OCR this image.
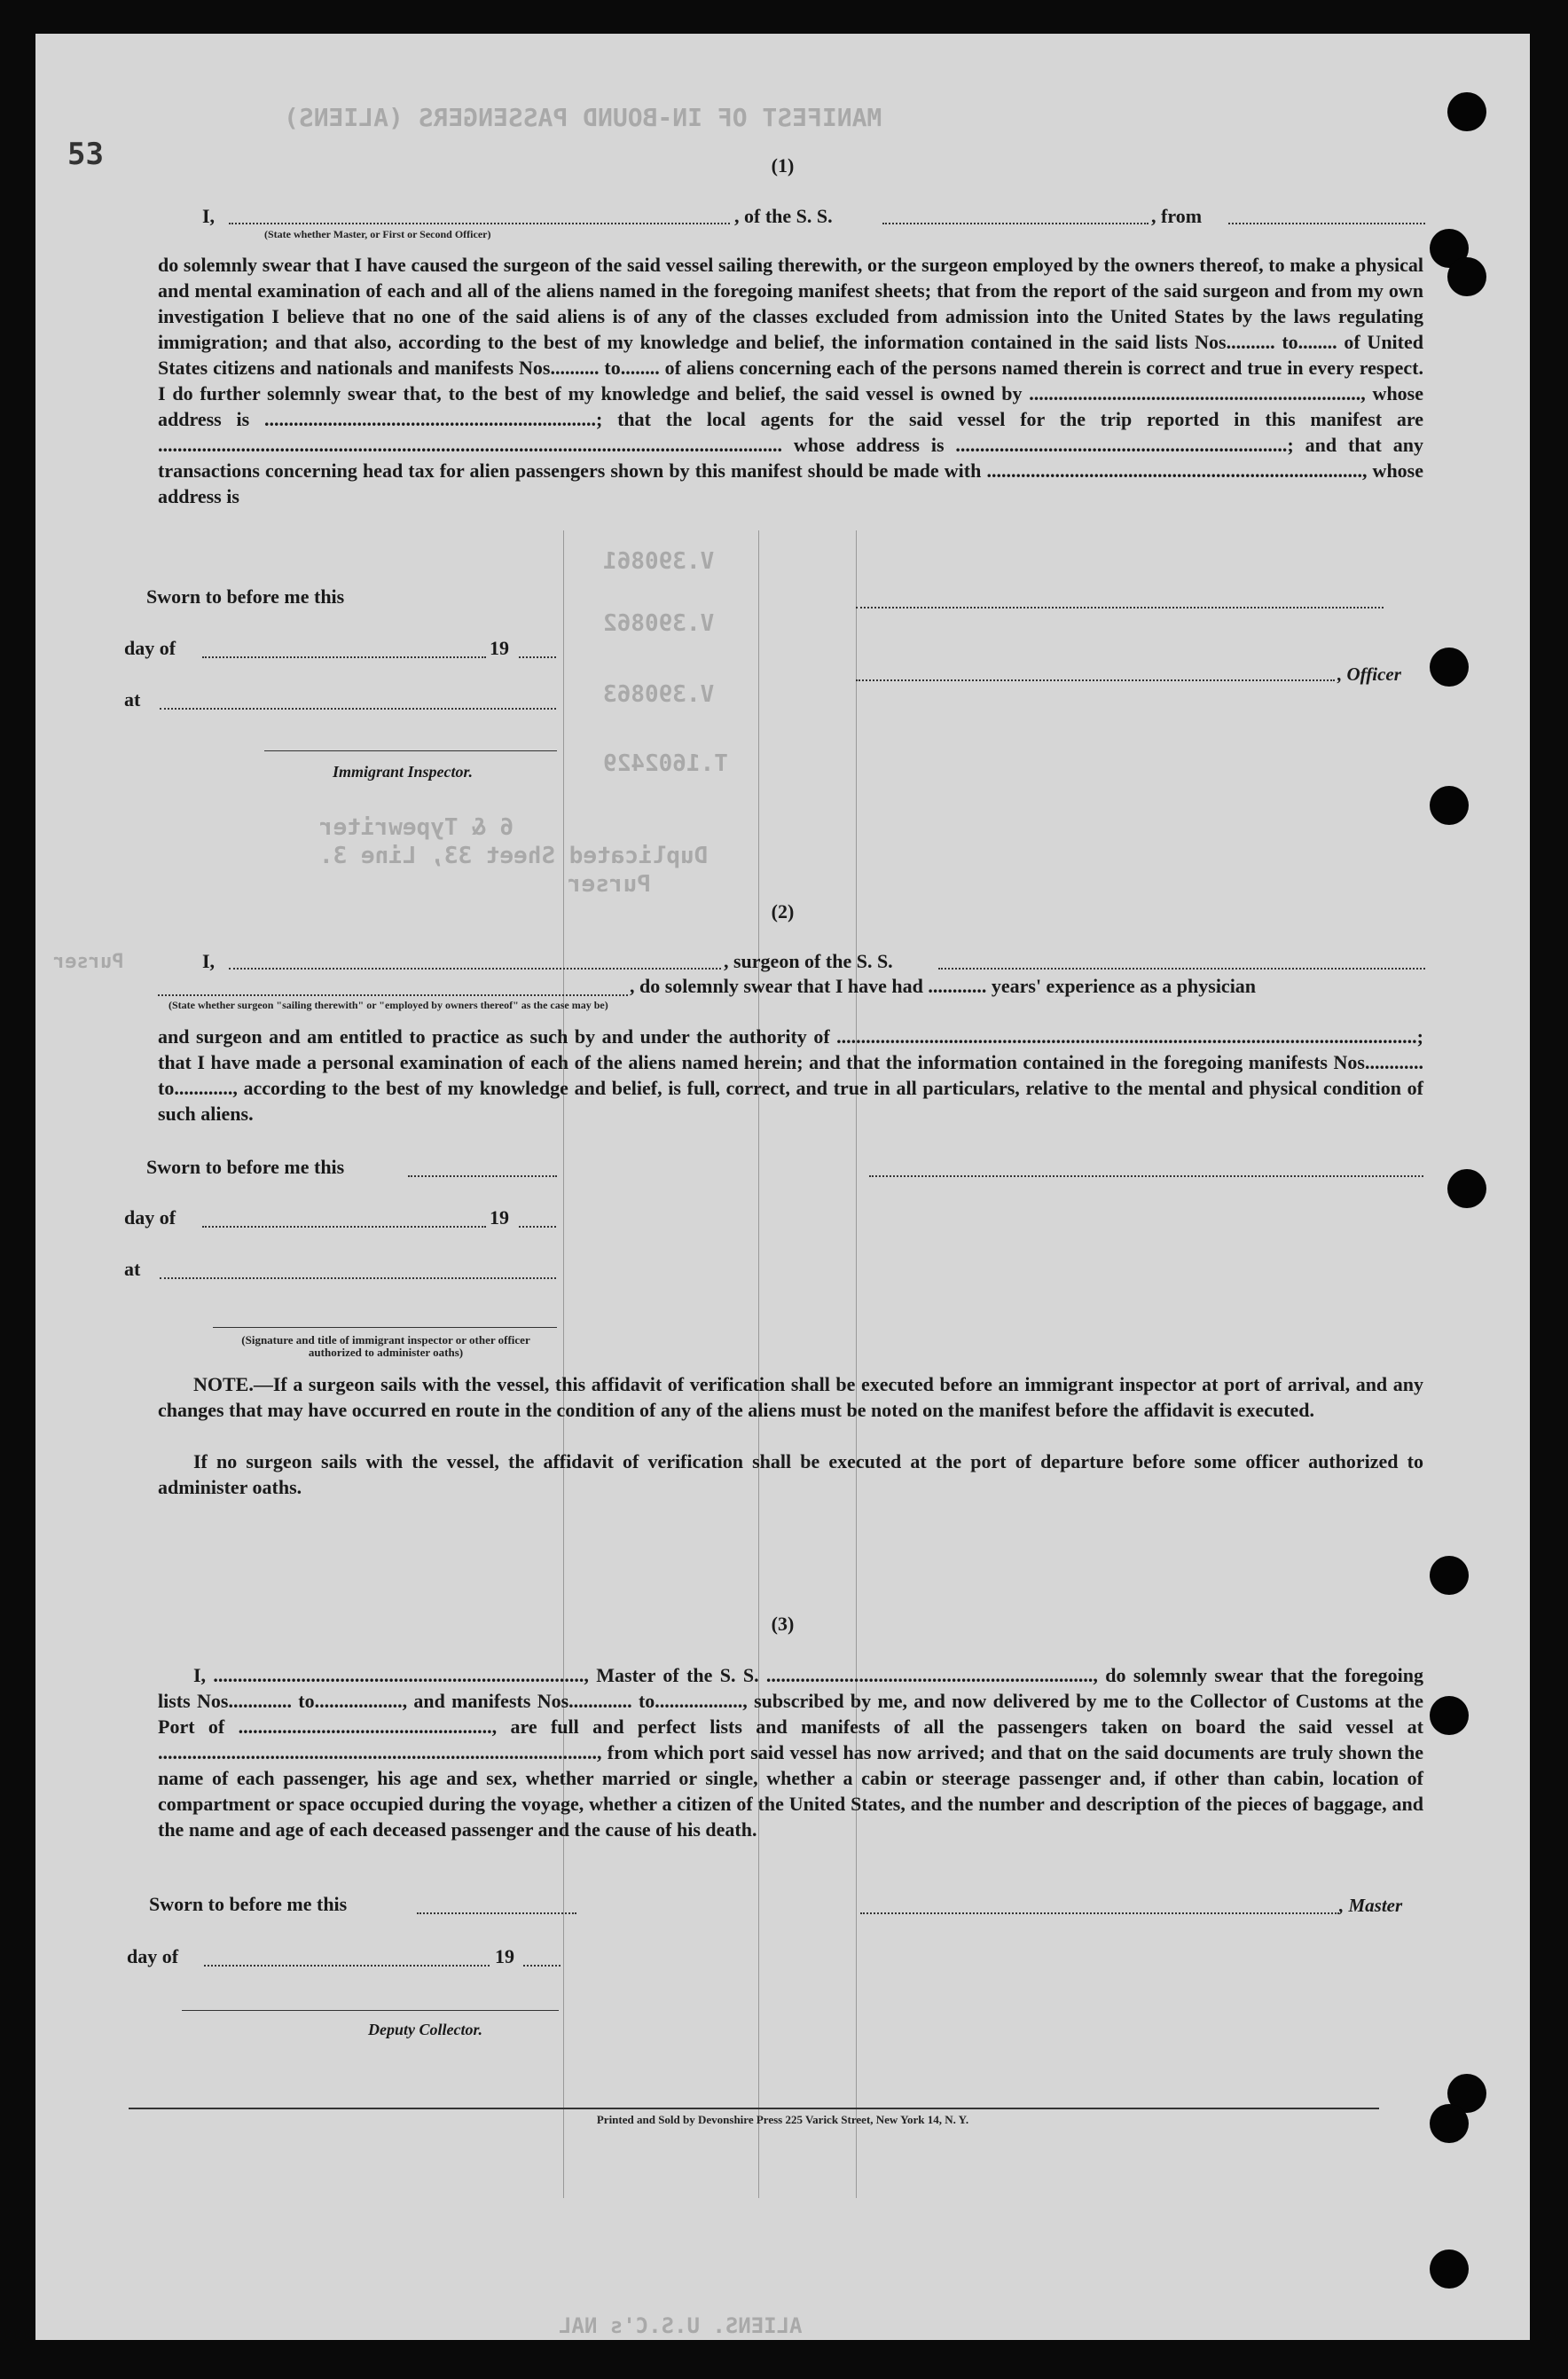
MANIFEST OF IN-BOUND PASSENGERS (ALIENS)
V.390861
V.390862
V.390863
T.1602429
6 & Typewriter
Duplicated Sheet 33, Line 3.
Purser
Purser
ALIENS. U.S.C's NAL
53	(1)
I,	, of the S. S.	, from
(State whether Master, or First or Second Officer)
do solemnly swear that I have caused the surgeon of the said vessel sailing therewith, or the surgeon employed by the owners thereof, to make a physical and mental examination of each and all of the aliens named in the foregoing manifest sheets; that from the report of the said surgeon and from my own investigation I believe that no one of the said aliens is of any of the classes excluded from admission into the United States by the laws regulating immigration; and that also, according to the best of my knowledge and belief, the information contained in the said lists Nos.......... to........ of United States citizens and nationals and manifests Nos.......... to........ of aliens concerning each of the persons named therein is correct and true in every respect. I do further solemnly swear that, to the best of my knowledge and belief, the said vessel is owned by ...................................................................., whose address is ....................................................................; that the local agents for the said vessel for the trip reported in this manifest are ................................................................................................................................ whose address is ....................................................................; and that any transactions concerning head tax for alien passengers shown by this manifest should be made with ............................................................................., whose address is
Sworn to before me this
day of	19
at
Immigrant Inspector.
, Officer
(2)
I,	, surgeon of the S. S.
, do solemnly swear that I have had ............ years' experience as a physician
(State whether surgeon "sailing therewith" or "employed by owners thereof" as the case may be)
and surgeon and am entitled to practice as such by and under the authority of .......................................................................................................................; that I have made a personal examination of each of the aliens named herein; and that the information contained in the foregoing manifests Nos............ to............, according to the best of my knowledge and belief, is full, correct, and true in all particulars, relative to the mental and physical condition of such aliens.
Sworn to before me this
day of	19
at
(Signature and title of immigrant inspector or other officer authorized to administer oaths)
NOTE.—If a surgeon sails with the vessel, this affidavit of verification shall be executed before an immigrant inspector at port of arrival, and any changes that may have occurred en route in the condition of any of the aliens must be noted on the manifest before the affidavit is executed.
If no surgeon sails with the vessel, the affidavit of verification shall be executed at the port of departure before some officer authorized to administer oaths.
(3)
I, ............................................................................, Master of the S. S. ..................................................................., do solemnly swear that the foregoing lists Nos............. to.................., and manifests Nos............. to.................., subscribed by me, and now delivered by me to the Collector of Customs at the Port of ...................................................., are full and perfect lists and manifests of all the passengers taken on board the said vessel at .........................................................................................., from which port said vessel has now arrived; and that on the said documents are truly shown the name of each passenger, his age and sex, whether married or single, whether a cabin or steerage passenger and, if other than cabin, location of compartment or space occupied during the voyage, whether a citizen of the United States, and the number and description of the pieces of baggage, and the name and age of each deceased passenger and the cause of his death.
Sworn to before me this	, Master
day of	19
Deputy Collector.
Printed and Sold by Devonshire Press 225 Varick Street, New York 14, N. Y.
